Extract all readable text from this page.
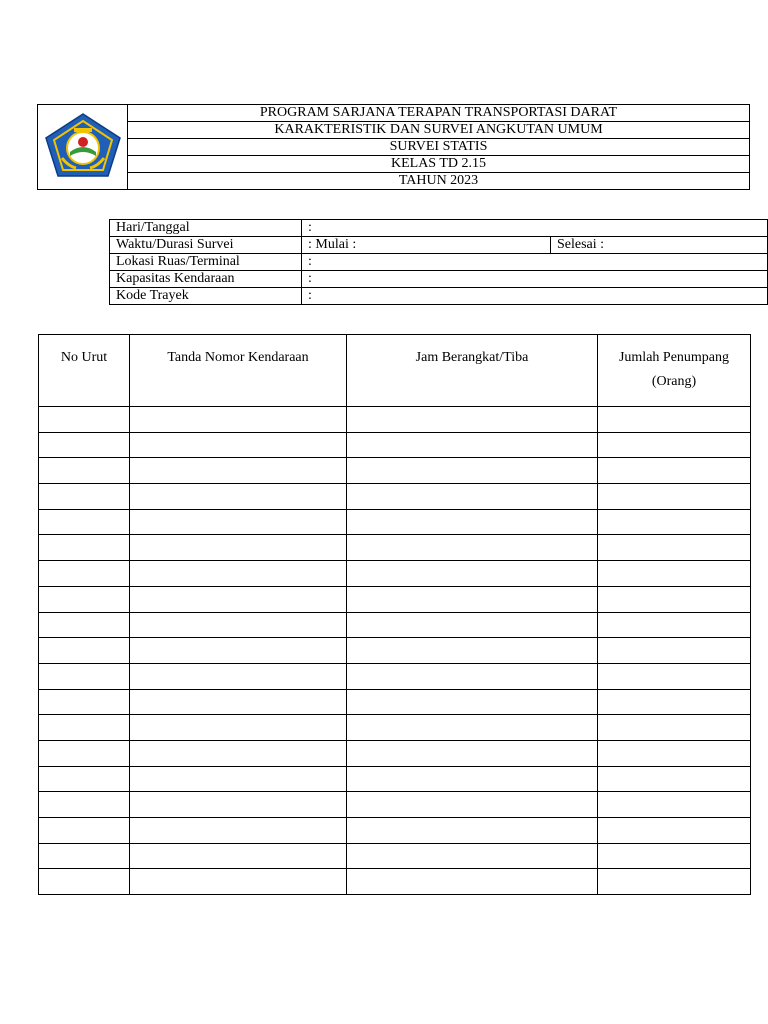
	PROGRAM SARJANA TERAPAN TRANSPORTASI DARAT
KARAKTERISTIK DAN SURVEI ANGKUTAN UMUM
SURVEI STATIS
KELAS TD 2.15
TAHUN 2023
Hari/Tanggal	:	
Waktu/Durasi Survei	: Mulai :	Selesai :
Lokasi Ruas/Terminal	:	
Kapasitas Kendaraan	:	
Kode Trayek	:	
No Urut	Tanda Nomor Kendaraan	Jam Berangkat/Tiba	Jumlah Penumpang (Orang)
